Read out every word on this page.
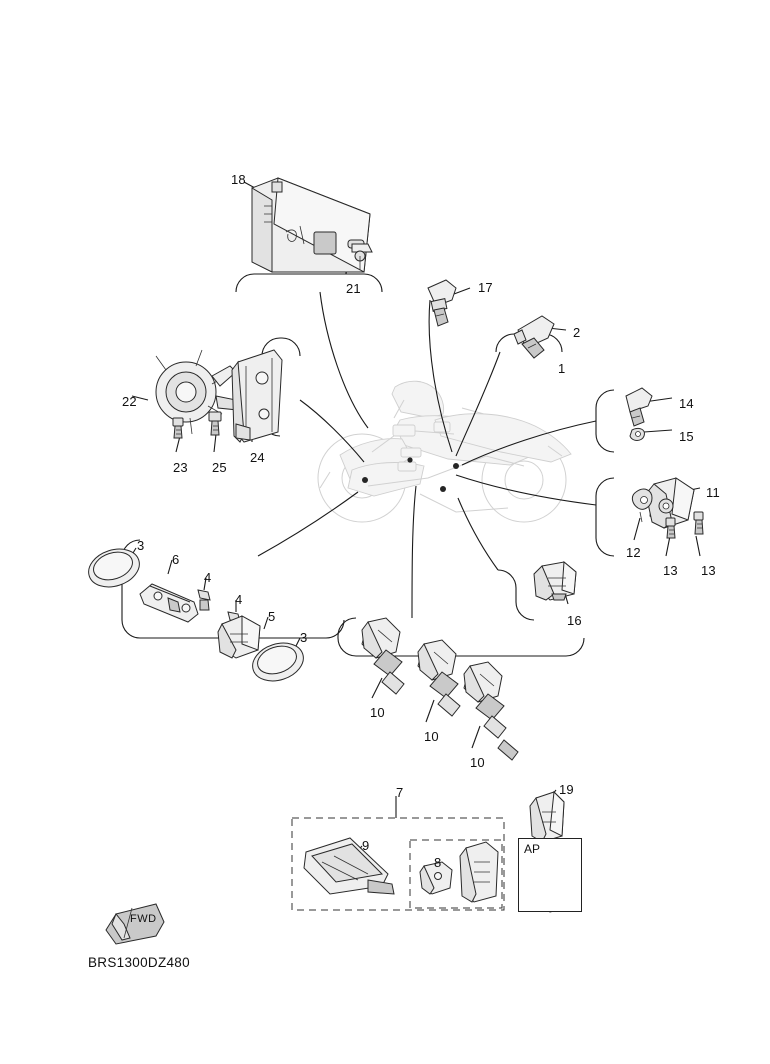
18
21	17
2
1
14
15
22
23 25
24
11
12
13 13
16
3
6
4
4
5
3
10
10
10
7
9
8
19
AP
FWD
BRS1300DZ480
